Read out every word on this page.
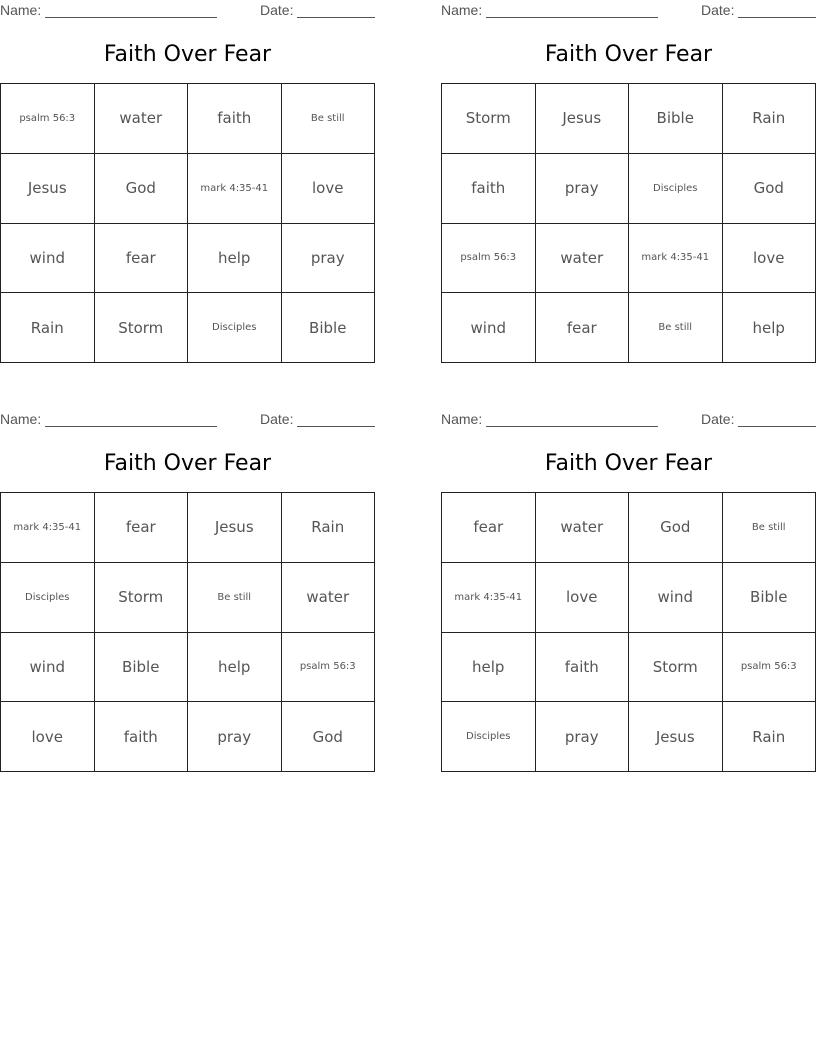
Name:	Date:
Faith Over Fear
psalm 56:3	water	faith	Be still
Jesus	God	mark 4:35-41	love
wind	fear	help	pray
Rain	Storm	Disciples	Bible
Name:	Date:
Faith Over Fear
Storm	Jesus	Bible	Rain
faith	pray	Disciples	God
psalm 56:3	water	mark 4:35-41	love
wind	fear	Be still	help
Name:	Date:
Faith Over Fear
mark 4:35-41	fear	Jesus	Rain
Disciples	Storm	Be still	water
wind	Bible	help	psalm 56:3
love	faith	pray	God
Name:	Date:
Faith Over Fear
fear	water	God	Be still
mark 4:35-41	love	wind	Bible
help	faith	Storm	psalm 56:3
Disciples	pray	Jesus	Rain
